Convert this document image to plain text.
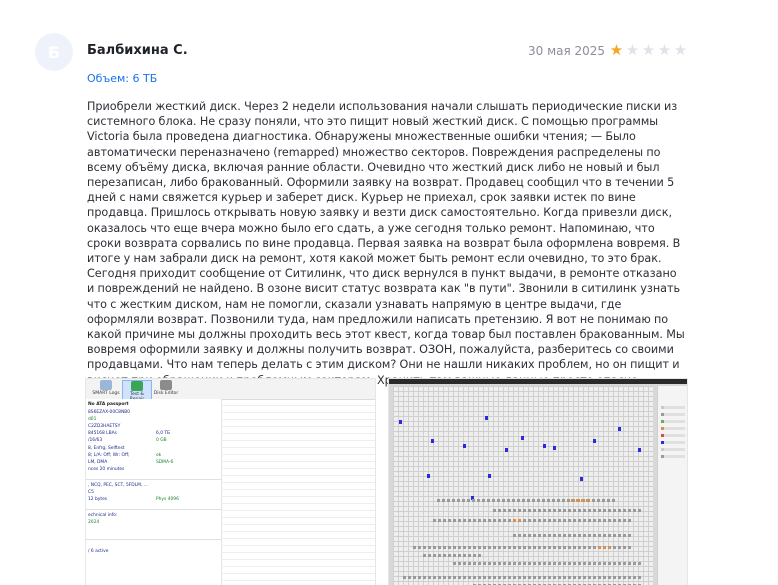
Б Балбихина С.	30 мая 2025 ★ ★ ★ ★ ★
Объем: 6 ТБ

Приобрели жесткий диск. Через 2 недели использования начали слышать периодические писки из системного блока. Не сразу поняли, что это пищит новый жесткий диск. С помощью программы Victoria была проведена диагностика. Обнаружены множественные ошибки чтения; — Было автоматически переназначено (remapped) множество секторов. Повреждения распределены по всему объёму диска, включая ранние области. Очевидно что жесткий диск либо не новый и был перезаписан, либо бракованный. Оформили заявку на возврат. Продавец сообщил что в течении 5 дней с нами свяжется курьер и заберет диск. Курьер не приехал, срок заявки истек по вине продавца. Пришлось открывать новую заявку и везти диск самостоятельно. Когда привезли диск, оказалось что еще вчера можно было его сдать, а уже сегодня только ремонт. Напоминаю, что сроки возврата сорвались по вине продавца. Первая заявка на возврат была оформлена вовремя. В итоге у нам забрали диск на ремонт, хотя какой может быть ремонт если очевидно, то это брак. Сегодня приходит сообщение от Ситилинк, что диск вернулся в пункт выдачи, в ремонте отказано и повреждений не найдено. В озоне висит статус возврата как "в пути". Звонили в ситилинк узнать что с жестким диском, нам не помогли, сказали узнавать напрямую в центре выдачи, где оформляли возврат. Позвонили туда, нам предложили написать претензию. Я вот не понимаю по какой причине мы должны проходить весь этот квест, когда товар был поставлен бракованным. Мы вовремя оформили заявку и должны получить возврат. ОЗОН, пожалуйста, разберитесь со своими продавцами. Что нам теперь делать с этим диском? Они не нашли никаких проблем, но он пищит и

SMART Logs	Test &	Disk Editor
No ATA passport
8S6EZAX-00C8NB0
d01
C2ZD3HAETSY
845168 LBAs	6,0 ТБ
/16/63	0 GB
8, Enfrg, Selftest
8; L/A: Off; Wr: Off;	ok
LM, DMA	SDMA-6
nces 20 minutes
, NCQ, PEC, SCT, 5FDLM, ...
C5
12 bytes	Phys 4096
echnical info:
2024
/ 6 active
